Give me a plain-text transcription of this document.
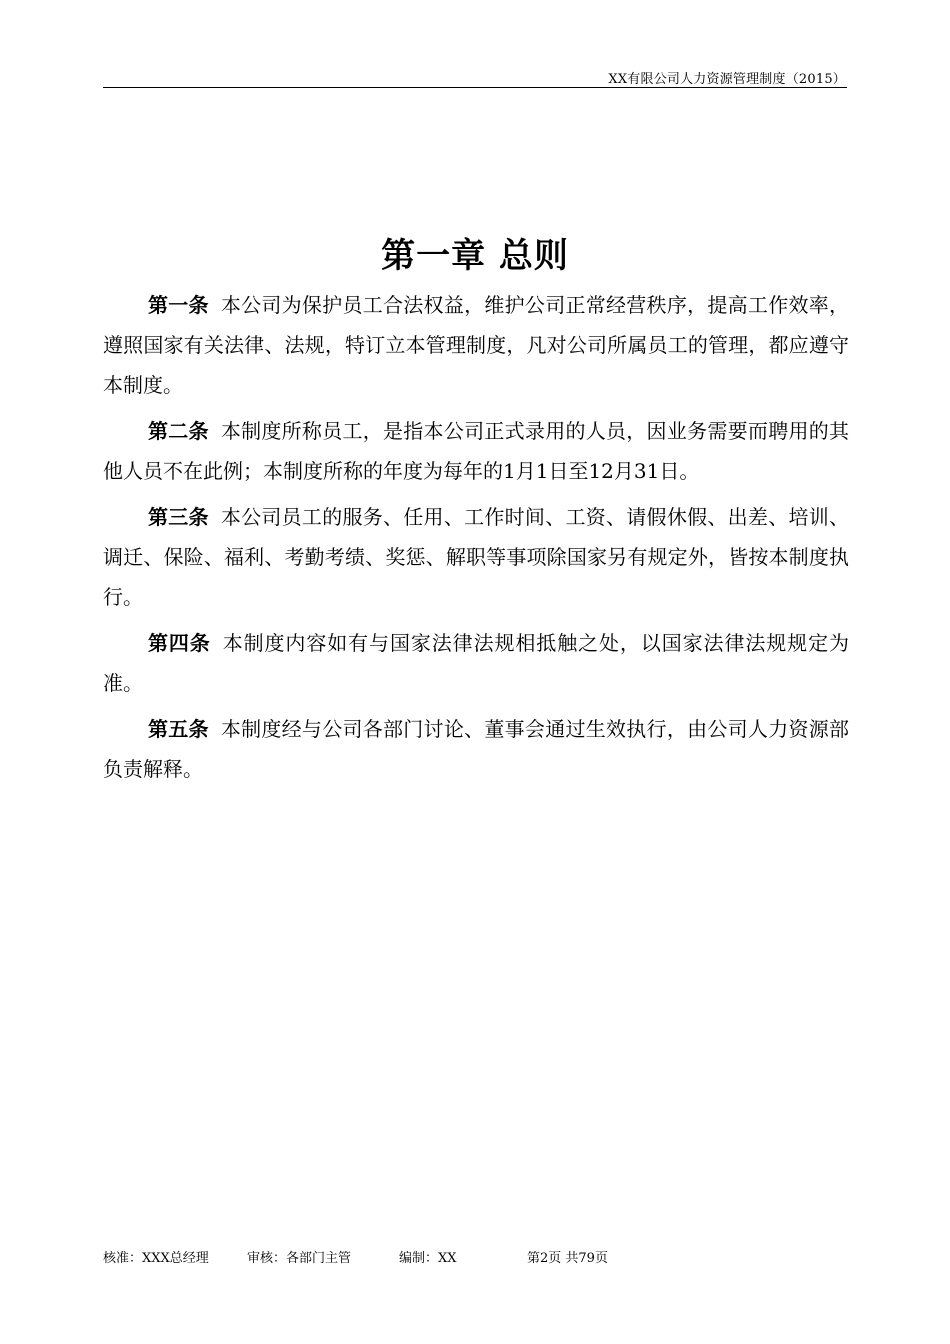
XX有限公司人力资源管理制度（2015）
第一章 总则

第一条 本公司为保护员工合法权益，维护公司正常经营秩序，提高工作效率，遵照国家有关法律、法规，特订立本管理制度，凡对公司所属员工的管理，都应遵守本制度。

第二条 本制度所称员工，是指本公司正式录用的人员，因业务需要而聘用的其他人员不在此例；本制度所称的年度为每年的1月1日至12月31日。

第三条 本公司员工的服务、任用、工作时间、工资、请假休假、出差、培训、调迁、保险、福利、考勤考绩、奖惩、解职等事项除国家另有规定外，皆按本制度执行。

第四条 本制度内容如有与国家法律法规相抵触之处，以国家法律法规规定为准。

第五条 本制度经与公司各部门讨论、董事会通过生效执行，由公司人力资源部负责解释。

核准：XXX总经理	审核：各部门主管	编制：XX	第2页 共79页
